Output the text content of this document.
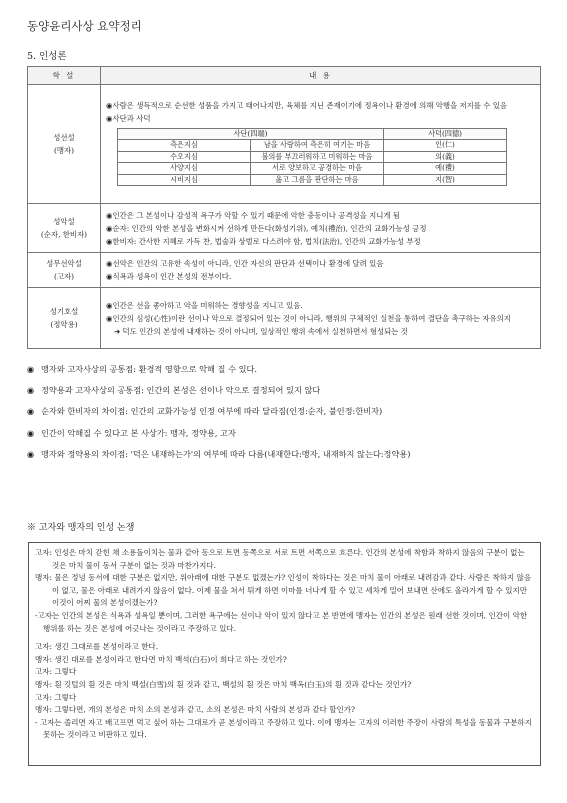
동양윤리사상 요약정리
5. 인성론
학 설	내 용

성선설
(맹자)

◉사람은 생득적으로 순선한 성품을 가지고 태어나지만, 육체를 지닌 존재이기에 정욕이나 환경에 의해 악행을 저지를 수 있음
◉사단과 사덕
사단(四端)	사덕(四德)
측은지심	남을 사랑하여 측은히 여기는 마음	인(仁)
수오지심	불의를 부끄러워하고 미워하는 마음	의(義)
사양지심	서로 양보하고 공경하는 마음	예(禮)
시비지심	옳고 그름을 판단하는 마음	지(智)

성악설
(순자, 한비자)

◉인간은 그 본성이나 감성적 욕구가 악할 수 있기 때문에 악한 충동이나 공격성을 지니게 됨
◉순자: 인간의 악한 본성을 변화시켜 선하게 만든다(화성기위), 예치(禮治), 인간의 교화가능성 긍정
◉한비자: 간사한 지혜로 가득 찬, 법술과 상벌로 다스려야 함, 법치(法治), 인간의 교화가능성 부정

성무선악설
(고자)

◉선악은 인간의 고유한 속성이 아니라, 인간 자신의 판단과 선택이나 환경에 달려 있음
◉식욕과 성욕이 인간 본성의 전부이다.

성기호설
(정약용)

◉인간은 선을 좋아하고 악을 미워하는 경향성을 지니고 있음.
◉인간의 심성(心性)이란 선이나 악으로 결정되어 있는 것이 아니라, 행위의 구체적인 실천을 통하여 결단을 촉구하는 자유의지
➜ 덕도 인간의 본성에 내재하는 것이 아니며, 일상적인 행위 속에서 실천하면서 형성되는 것
◉ 맹자와 고자사상의 공통점: 환경적 영향으로 악해 질 수 있다.
◉ 정약용과 고자사상의 공통점: 인간의 본성은 선이나 악으로 결정되어 있지 않다
◉ 순자와 한비자의 차이점: 인간의 교화가능성 인정 여부에 따라 달라짐(인정:순자, 불인정:한비자)
◉ 인간이 악해질 수 있다고 본 사상가: 맹자, 정약용, 고자
◉ 맹자와 정약용의 차이점: '덕은 내재하는가'의 여부에 따라 다름(내재한다:맹자, 내재하지 않는다:정약용)
※ 고자와 맹자의 인성 논쟁
고자: 인성은 마치 갇힌 채 소용돌이치는 물과 같아 동으로 트면 동쪽으로 서로 트면 서쪽으로 흐른다. 인간의 본성에 착함과 착하지 않음의 구분이 없는 것은 마치 물이 동서 구분이 없는 것과 마찬가지다.
맹자: 물은 정녕 동서에 대한 구분은 없지만, 위아래에 대한 구분도 없겠는가? 인성이 착하다는 것은 마치 물이 아래로 내려감과 같다. 사람은 착하지 않음이 없고, 물은 아래로 내려가지 않음이 없다. 이제 물을 쳐서 튀게 하면 이마를 너나게 할 수 있고 세차게 밀어 보내면 산에도 올라가게 할 수 있지만 이것이 어찌 물의 본성이겠는가?
-고자는 인간의 본성은 식욕과 성욕일 뿐이며, 그러한 욕구에는 선이나 악이 있지 않다고 본 반면에 맹자는 인간의 본성은 원래 선한 것이며, 인간이 악한 행위를 하는 것은 본성에 어긋나는 것이라고 주장하고 있다.
고자: 생긴 그대로를 본성이라고 한다.
맹자: 생긴 대로를 본성이라고 한다면 마치 백석(白石)이 희다고 하는 것인가?
고자: 그렇다
맹자: 흰 깃털의 흰 것은 마치 백설(白雪)의 흰 것과 같고, 백설의 흰 것은 마치 백옥(白玉)의 흰 것과 같다는 것인가?
고자: 그렇다
맹자: 그렇다면, 개의 본성은 마치 소의 본성과 같고, 소의 본성은 마치 사람의 본성과 같다 할인가?
- 고자는 졸리면 자고 배고프면 먹고 싶어 하는 그대로가 곧 본성이라고 주장하고 있다. 이에 맹자는 고자의 이러한 주장이 사람의 특성을 동물과 구분하지 못하는 것이라고 비판하고 있다.
·
